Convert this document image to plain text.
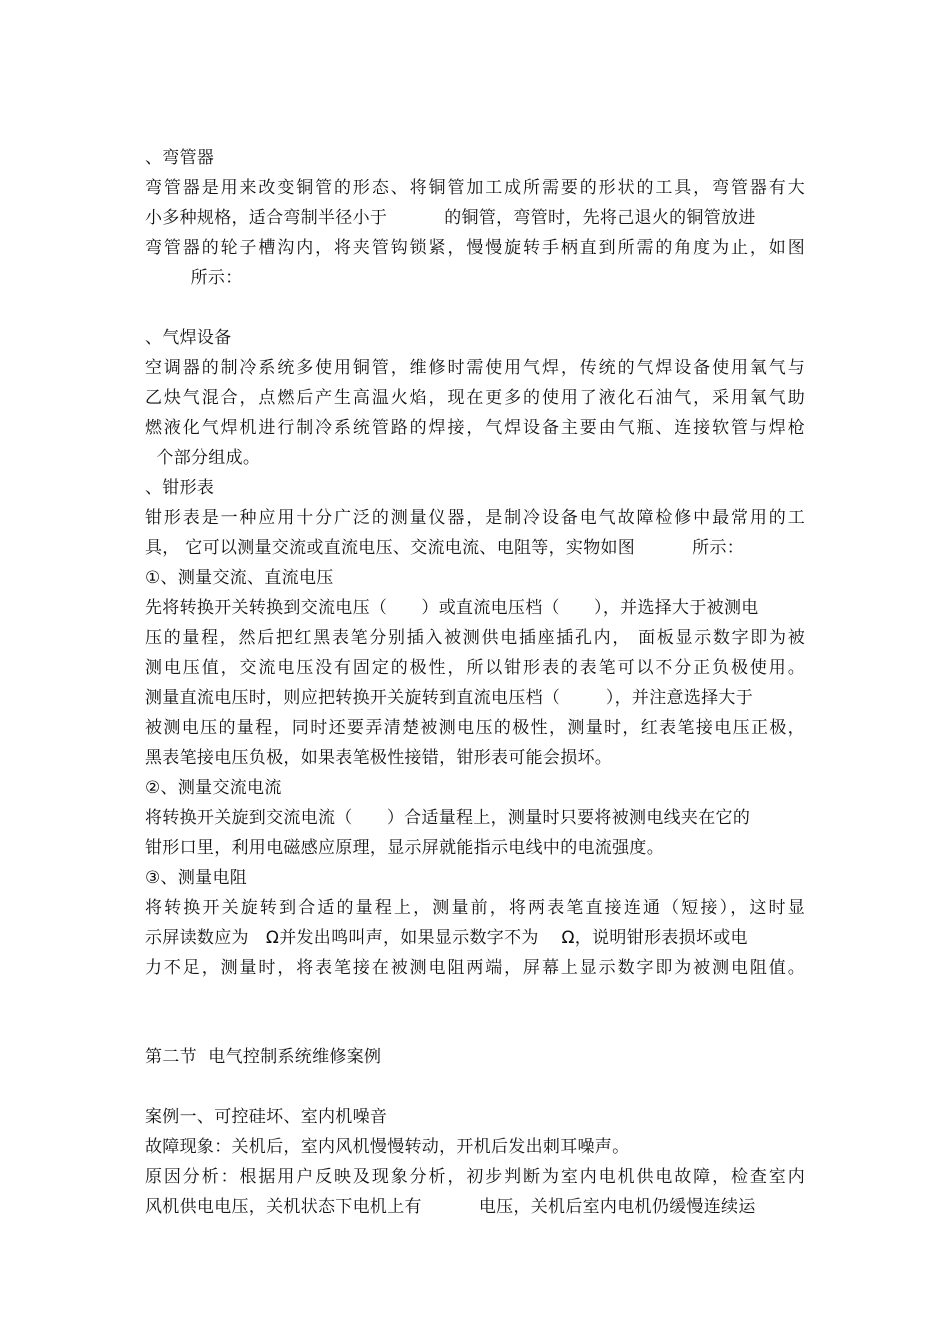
、弯管器
弯管器是用来改变铜管的形态、将铜管加工成所需要的形状的工具，弯管器有大
小多种规格，适合弯制半径小于          的铜管，弯管时，先将己退火的铜管放进
弯管器的轮子槽沟内，将夹管钩锁紧，慢慢旋转手柄直到所需的角度为止，如图
所示：
、气焊设备
空调器的制冷系统多使用铜管，维修时需使用气焊，传统的气焊设备使用氧气与
乙炔气混合，点燃后产生高温火焰，现在更多的使用了液化石油气，采用氧气助
燃液化气焊机进行制冷系统管路的焊接，气焊设备主要由气瓶、连接软管与焊枪
个部分组成。
、钳形表
钳形表是一种应用十分广泛的测量仪器，是制冷设备电气故障检修中最常用的工
具， 它可以测量交流或直流电压、交流电流、电阻等，实物如图          所示：
①、测量交流、直流电压
先将转换开关转换到交流电压（      ）或直流电压档（      ），并选择大于被测电
压的量程，然后把红黑表笔分别插入被测供电插座插孔内， 面板显示数字即为被
测电压值，交流电压没有固定的极性，所以钳形表的表笔可以不分正负极使用。
测量直流电压时，则应把转换开关旋转到直流电压档（        ），并注意选择大于
被测电压的量程，同时还要弄清楚被测电压的极性，测量时，红表笔接电压正极，
黑表笔接电压负极，如果表笔极性接错，钳形表可能会损坏。
②、测量交流电流
将转换开关旋到交流电流（      ）合适量程上，测量时只要将被测电线夹在它的
钳形口里，利用电磁感应原理，显示屏就能指示电线中的电流强度。
③、测量电阻
将转换开关旋转到合适的量程上，测量前，将两表笔直接连通（短接），这时显
示屏读数应为   Ω并发出鸣叫声，如果显示数字不为    Ω，说明钳形表损坏或电
力不足，测量时，将表笔接在被测电阻两端，屏幕上显示数字即为被测电阻值。
第二节  电气控制系统维修案例
案例一、可控硅坏、室内机噪音
故障现象：关机后，室内风机慢慢转动，开机后发出刺耳噪声。
原因分析：根据用户反映及现象分析，初步判断为室内电机供电故障，检查室内
风机供电电压，关机状态下电机上有          电压，关机后室内电机仍缓慢连续运
